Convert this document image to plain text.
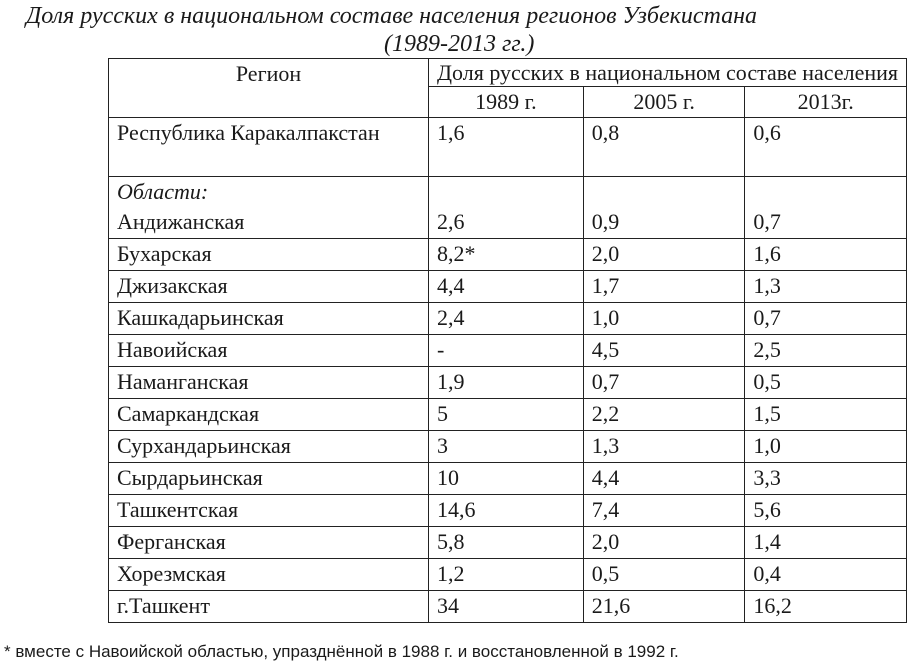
Доля русских в национальном составе населения регионов Узбекистана
(1989-2013 гг.)
Регион	Доля русских в национальном составе населения		
	1989 г.	2005 г.	2013г.
Республика Каракалпакстан	1,6	0,8	0,6

Области:
Андижанская	2,6	0,9	0,7
Бухарская	8,2*	2,0	1,6
Джизакская	4,4	1,7	1,3
Кашкадарьинская	2,4	1,0	0,7
Навоийская	-	4,5	2,5
Наманганская	1,9	0,7	0,5
Самаркандская	5	2,2	1,5
Сурхандарьинская	3	1,3	1,0
Сырдарьинская	10	4,4	3,3
Ташкентская	14,6	7,4	5,6
Ферганская	5,8	2,0	1,4
Хорезмская	1,2	0,5	0,4
г.Ташкент	34	21,6	16,2
* вместе с Навоийской областью, упразднённой в 1988 г. и восстановленной в 1992 г.
